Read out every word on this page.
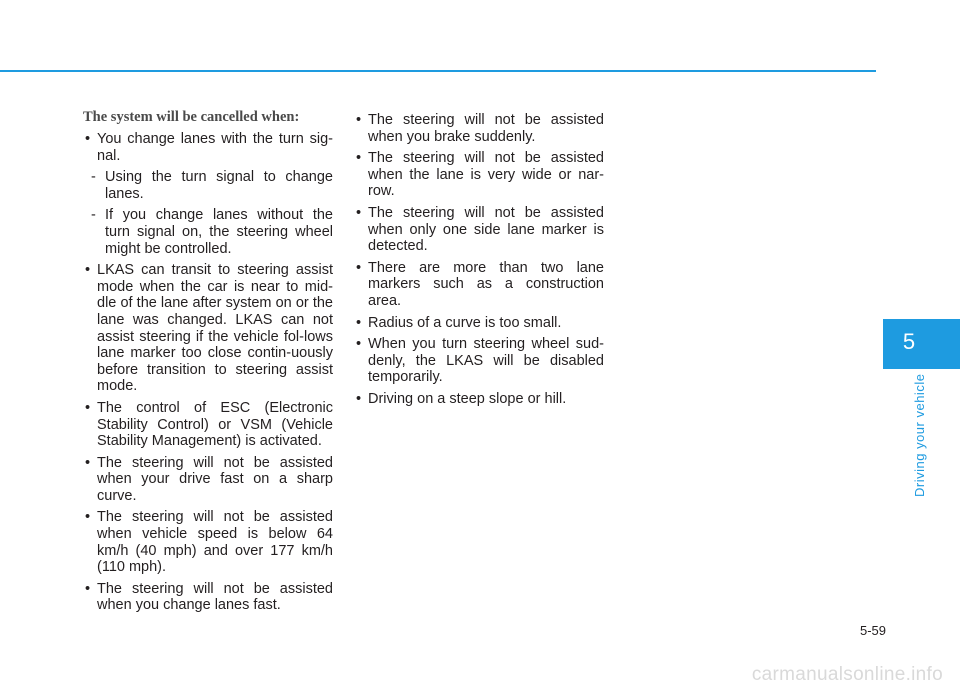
The system will be cancelled when:
• You change lanes with the turn sig-nal.
- Using the turn signal to change lanes.
- If you change lanes without the turn signal on, the steering wheel might be controlled.
• LKAS can transit to steering assist mode when the car is near to mid-dle of the lane after system on or the lane was changed. LKAS can not assist steering if the vehicle fol-lows lane marker too close contin-uously before transition to steering assist mode.
• The control of ESC (Electronic Stability Control) or VSM (Vehicle Stability Management) is activated.
• The steering will not be assisted when your drive fast on a sharp curve.
• The steering will not be assisted when vehicle speed is below 64 km/h (40 mph) and over 177 km/h (110 mph).
• The steering will not be assisted when you change lanes fast.
• The steering will not be assisted when you brake suddenly.
• The steering will not be assisted when the lane is very wide or nar-row.
• The steering will not be assisted when only one side lane marker is detected.
• There are more than two lane markers such as a construction area.
• Radius of a curve is too small.
• When you turn steering wheel sud-denly, the LKAS will be disabled temporarily.
• Driving on a steep slope or hill.
5
Driving your vehicle
5-59
carmanualsonline.info
